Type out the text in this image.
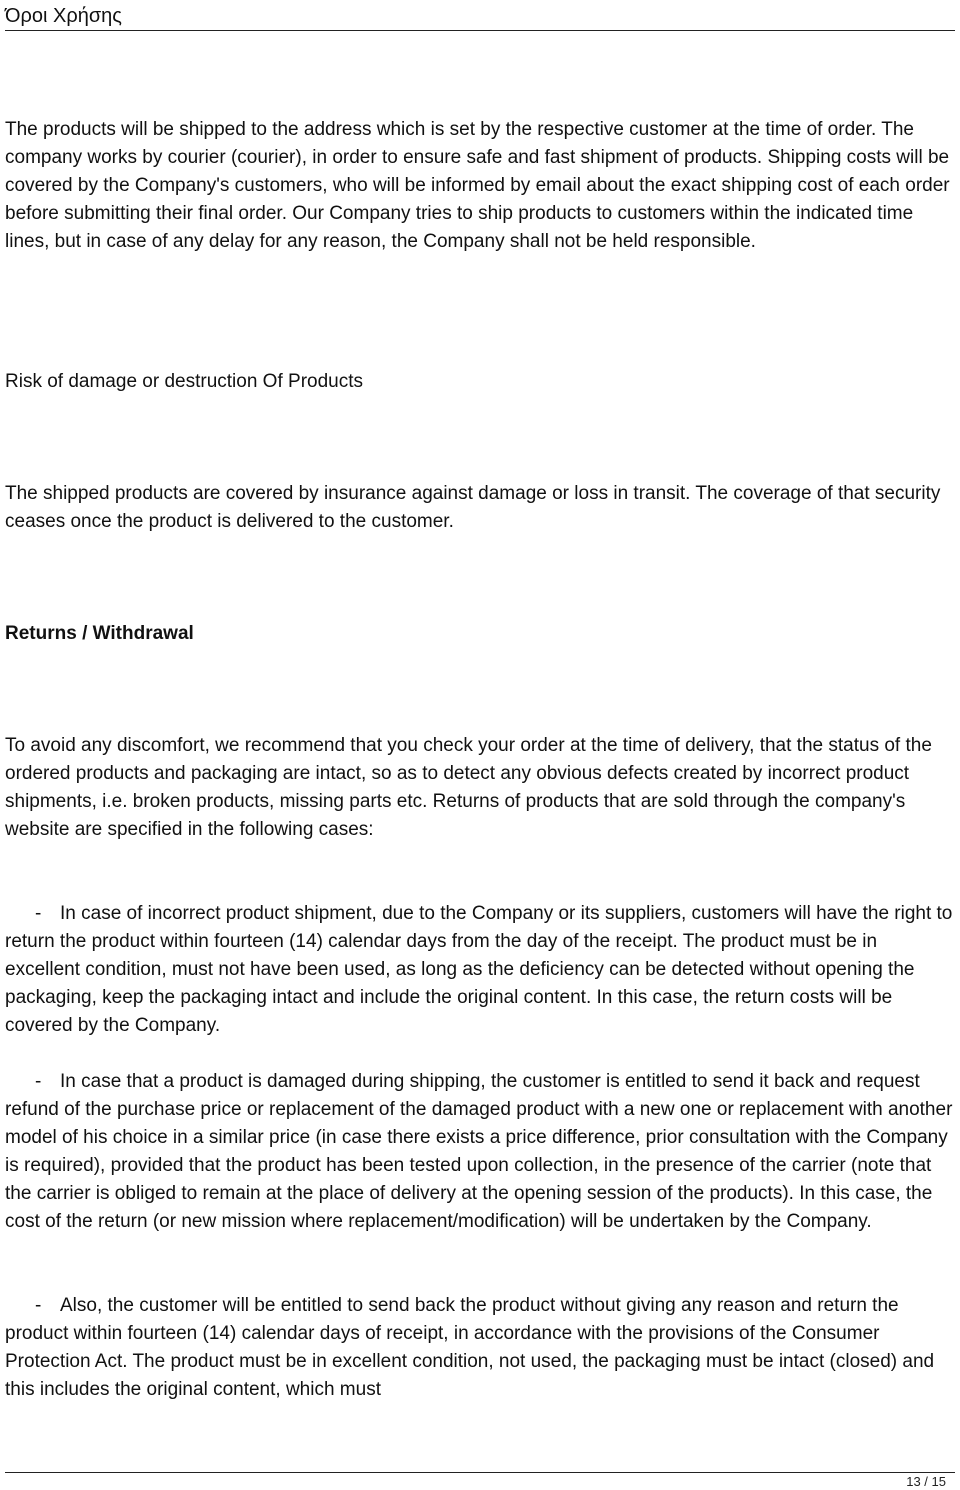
Όροι Χρήσης

The products will be shipped to the address which is set by the respective customer at the time of order. The company works by courier (courier), in order to ensure safe and fast shipment of products. Shipping costs will be covered by the Company's customers, who will be informed by email about the exact shipping cost of each order before submitting their final order. Our Company tries to ship products to customers within the indicated time lines, but in case of any delay for any reason, the Company shall not be held responsible.

Risk of damage or destruction Of Products

The shipped products are covered by insurance against damage or loss in transit. The coverage of that security ceases once the product is delivered to the customer.

Returns / Withdrawal

To avoid any discomfort, we recommend that you check your order at the time of delivery, that the status of the ordered products and packaging are intact, so as to detect any obvious defects created by incorrect product shipments, i.e. broken products, missing parts etc. Returns of products that are sold through the company's website are specified in the following cases:

- In case of incorrect product shipment, due to the Company or its suppliers, customers will have the right to return the product within fourteen (14) calendar days from the day of the receipt. The product must be in excellent condition, must not have been used, as long as the deficiency can be detected without opening the packaging, keep the packaging intact and include the original content. In this case, the return costs will be covered by the Company.

- In case that a product is damaged during shipping, the customer is entitled to send it back and request refund of the purchase price or replacement of the damaged product with a new one or replacement with another model of his choice in a similar price (in case there exists a price difference, prior consultation with the Company is required), provided that the product has been tested upon collection, in the presence of the carrier (note that the carrier is obliged to remain at the place of delivery at the opening session of the products). In this case, the cost of the return (or new mission where replacement/modification) will be undertaken by the Company.

- Also, the customer will be entitled to send back the product without giving any reason and return the product within fourteen (14) calendar days of receipt, in accordance with the provisions of the Consumer Protection Act. The product must be in excellent condition, not used, the packaging must be intact (closed) and this includes the original content, which must

13 / 15
